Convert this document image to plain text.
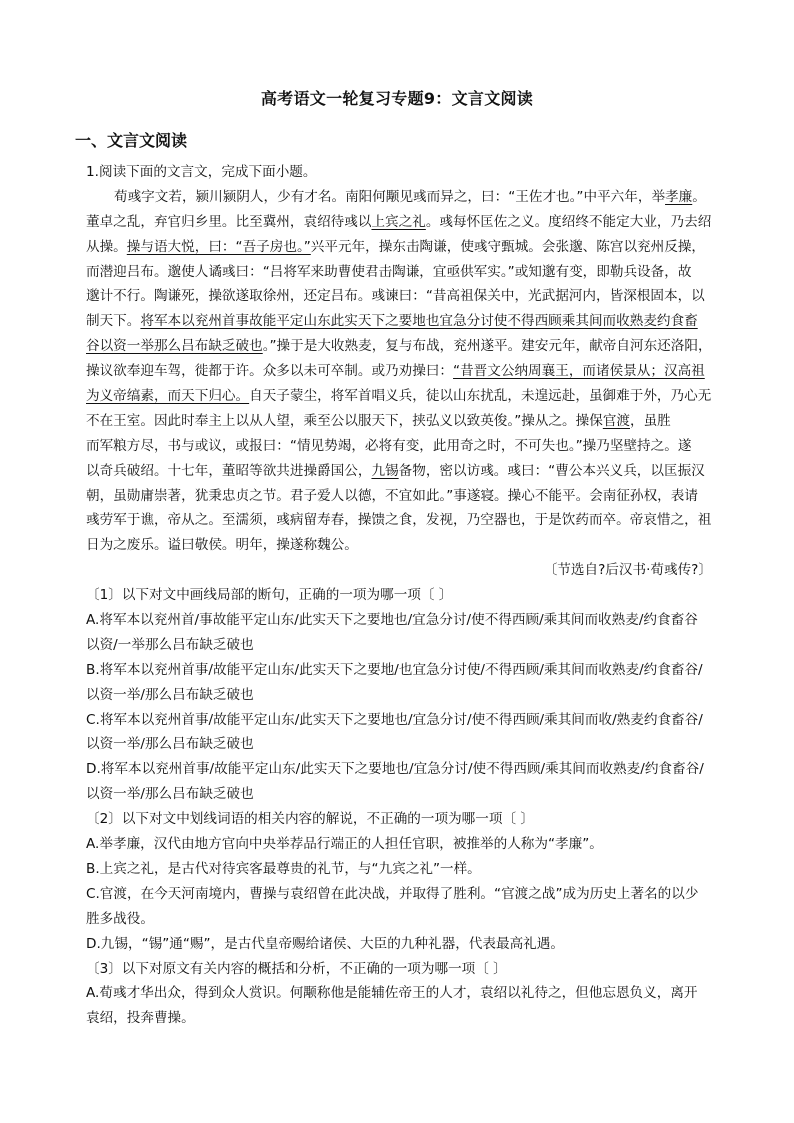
高考语文一轮复习专题9：文言文阅读
一、文言文阅读
1.阅读下面的文言文，完成下面小题。
荀彧字文若，颍川颍阴人，少有才名。南阳何颙见彧而异之，曰：“王佐才也。”中平六年，举孝廉。
董卓之乱，弃官归乡里。比至冀州，袁绍待彧以上宾之礼。彧每怀匡佐之义。度绍终不能定大业，乃去绍
从操。操与语大悦，曰：“吾子房也。”兴平元年，操东击陶谦，使彧守甄城。会张邈、陈宫以兖州反操，
而潜迎吕布。邈使人谲彧曰：“吕将军来助曹使君击陶谦，宜亟供军实。”或知邈有变，即勒兵设备，故
邈计不行。陶谦死，操欲遂取徐州，还定吕布。彧谏曰：“昔高祖保关中，光武据河内，皆深根固本，以
制天下。将军本以兖州首事故能平定山东此实天下之要地也宜急分讨使不得西顾乘其间而收熟麦约食畜
谷以资一举那么吕布缺乏破也。”操于是大收熟麦，复与布战，兖州遂平。建安元年，献帝自河东还洛阳，
操议欲奉迎车驾，徙都于许。众多以未可卒制。或乃劝操曰：“昔晋文公纳周襄王，而诸侯景从；汉高祖
为义帝缟素，而天下归心。自天子蒙尘，将军首唱义兵，徒以山东扰乱，未遑远赴，虽御难于外，乃心无
不在王室。因此时奉主上以从人望，乘至公以服天下，挟弘义以致英俊。”操从之。操保官渡，虽胜
而军粮方尽，书与或议，或报曰：“情见势竭，必将有变，此用奇之时，不可失也。”操乃坚壁持之。遂
以奇兵破绍。十七年，董昭等欲共进操爵国公，九锡备物，密以访彧。彧曰：“曹公本兴义兵，以匡振汉
朝，虽勋庸崇著，犹秉忠贞之节。君子爱人以德，不宜如此。”事遂寝。操心不能平。会南征孙权，表请
彧劳军于谯，帝从之。至濡须，彧病留寿春，操馈之食，发视，乃空器也，于是饮药而卒。帝哀惜之，祖
日为之废乐。谥曰敬侯。明年，操遂称魏公。
〔节选自?后汉书·荀彧传?〕
〔1〕以下对文中画线局部的断句，正确的一项为哪一项〔 〕
A.将军本以兖州首/事故能平定山东/此实天下之要地也/宜急分讨/使不得西顾/乘其间而收熟麦/约食畜谷
以资/一举那么吕布缺乏破也
B.将军本以兖州首事/故能平定山东/此实天下之要地/也宜急分讨使/不得西顾/乘其间而收熟麦/约食畜谷/
以资一举/那么吕布缺乏破也
C.将军本以兖州首事/故能平定山东/此实天下之要地也/宜急分讨/使不得西顾/乘其间而收/熟麦约食畜谷/
以资一举/那么吕布缺乏破也
D.将军本以兖州首事/故能平定山东/此实天下之要地也/宜急分讨/使不得西顾/乘其间而收熟麦/约食畜谷/
以资一举/那么吕布缺乏破也
〔2〕以下对文中划线词语的相关内容的解说，不正确的一项为哪一项〔 〕
A.举孝廉，汉代由地方官向中央举荐品行端正的人担任官职，被推举的人称为“孝廉”。
B.上宾之礼，是古代对待宾客最尊贵的礼节，与“九宾之礼”一样。
C.官渡，在今天河南境内，曹操与袁绍曾在此决战，并取得了胜利。“官渡之战”成为历史上著名的以少
胜多战役。
D.九锡，“锡”通“赐”，是古代皇帝赐给诸侯、大臣的九种礼器，代表最高礼遇。
〔3〕以下对原文有关内容的概括和分析，不正确的一项为哪一项〔 〕
A.荀彧才华出众，得到众人赏识。何颙称他是能辅佐帝王的人才，袁绍以礼待之，但他忘恩负义，离开
袁绍，投奔曹操。
